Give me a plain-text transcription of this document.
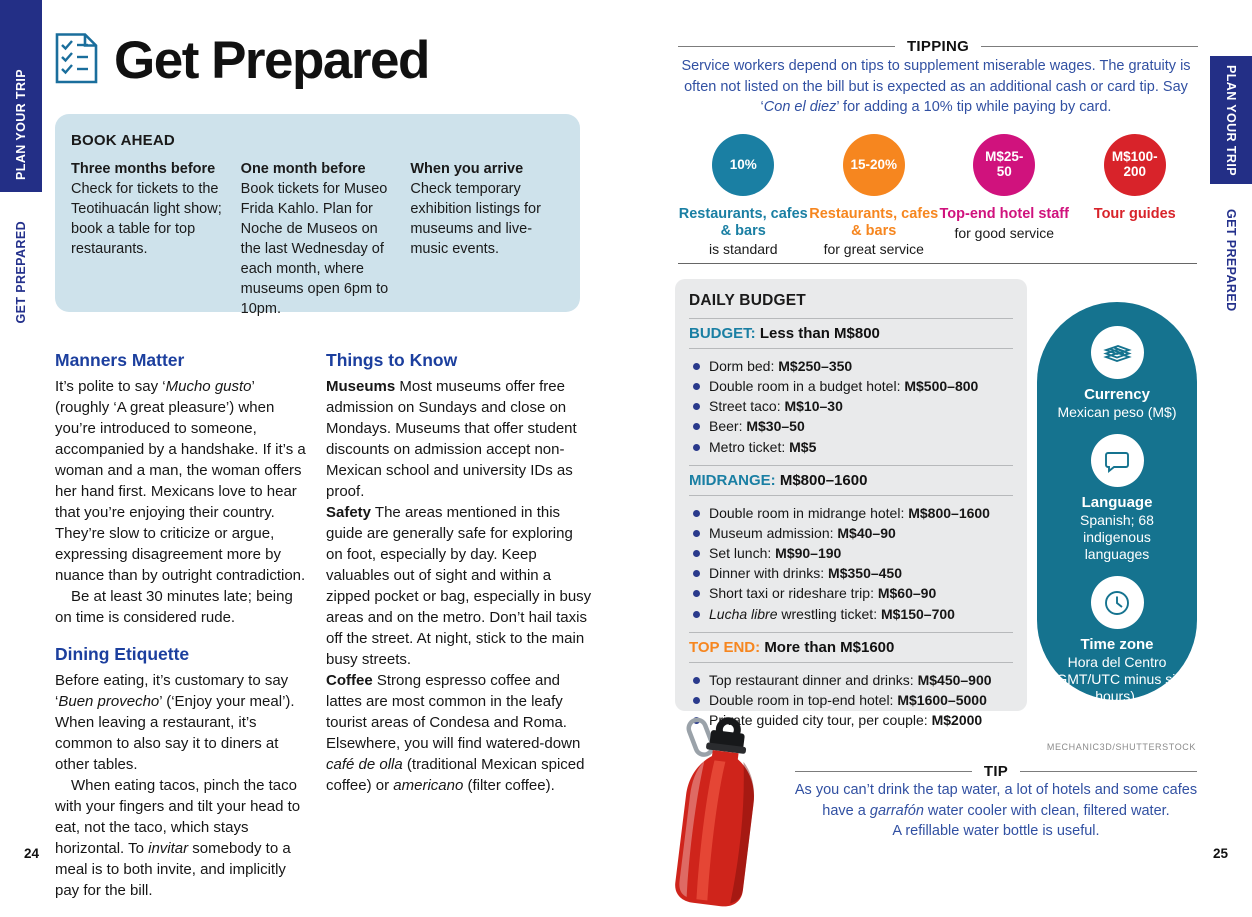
PLAN YOUR TRIP
GET PREPARED
Get Prepared
BOOK AHEAD
Three months before

Check for tickets to the Teotihuacán light show; book a table for top restaurants.

One month before

Book tickets for Museo Frida Kahlo. Plan for Noche de Museos on the last Wednesday of each month, where museums open 6pm to 10pm.

When you arrive

Check temporary exhibition listings for museums and live-music events.

Manners Matter

It’s polite to say ‘Mucho gusto’ (roughly ‘A great pleasure’) when you’re introduced to someone, accompanied by a handshake. If it’s a woman and a man, the woman offers her hand first. Mexicans love to hear that you’re enjoying their country. They’re slow to criticize or argue, expressing disagreement more by nuance than by outright contradiction.

Be at least 30 minutes late; being on time is considered rude.

Dining Etiquette

Before eating, it’s customary to say ‘Buen provecho’ (‘Enjoy your meal’). When leaving a restaurant, it’s common to also say it to diners at other tables.

When eating tacos, pinch the taco with your fingers and tilt your head to eat, not the taco, which stays horizontal. To invitar somebody to a meal is to both invite, and implicitly pay for the bill.

Things to Know

Museums Most museums offer free admission on Sundays and close on Mondays. Museums that offer student discounts on admission accept non-Mexican school and university IDs as proof.

Safety The areas mentioned in this guide are generally safe for exploring on foot, especially by day. Keep valuables out of sight and within a zipped pocket or bag, especially in busy areas and on the metro. Don’t hail taxis off the street. At night, stick to the main busy streets.

Coffee Strong espresso coffee and lattes are most common in the leafy tourist areas of Condesa and Roma. Elsewhere, you will find watered-down café de olla (traditional Mexican spiced coffee) or americano (filter coffee).

24
TIPPING

Service workers depend on tips to supplement miserable wages. The gratuity is often not listed on the bill but is expected as an additional cash or card tip. Say ‘Con el diez’ for adding a 10% tip while paying by card.

10%
Restaurants, cafes & bars
is standard
15-20%
Restaurants, cafes & bars
for great service
M$25-50
Top-end hotel staff
for good service
M$100- 200
Tour guides
DAILY BUDGET
BUDGET: Less than M$800
Dorm bed: M$250–350
Double room in a budget hotel: M$500–800
Street taco: M$10–30
Beer: M$30–50
Metro ticket: M$5
MIDRANGE: M$800–1600
Double room in midrange hotel: M$800–1600
Museum admission: M$40–90
Set lunch: M$90–190
Dinner with drinks: M$350–450
Short taxi or rideshare trip: M$60–90
Lucha libre wrestling ticket: M$150–700
TOP END: More than M$1600
Top restaurant dinner and drinks: M$450–900
Double room in top-end hotel: M$1600–5000
Private guided city tour, per couple: M$2000
Currency
Mexican peso (M$)
Language
Spanish; 68 indigenous languages
Time zone
Hora del Centro (GMT/UTC minus six hours).
MECHANIC3D/SHUTTERSTOCK
TIP

As you can’t drink the tap water, a lot of hotels and some cafes have a garrafón water cooler with clean, filtered water.
A refillable water bottle is useful.

25
PLAN YOUR TRIP
GET PREPARED
